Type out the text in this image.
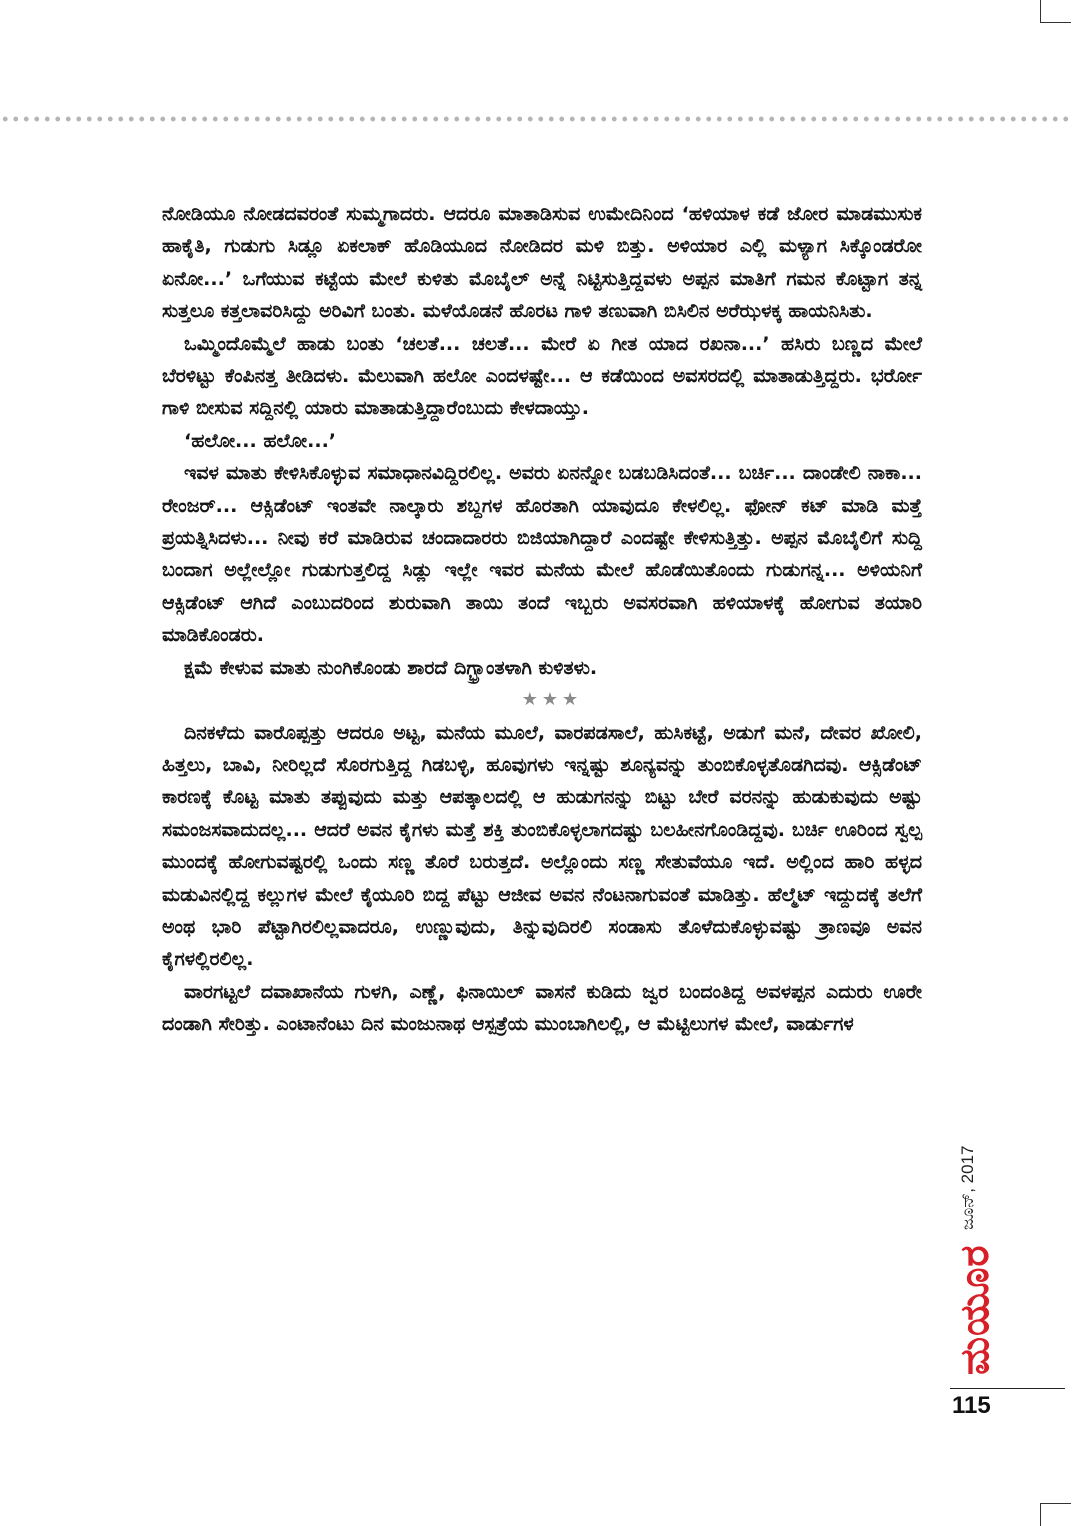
ನೋಡಿಯೂ ನೋಡದವರಂತೆ ಸುಮ್ಮಗಾದರು. ಆದರೂ ಮಾತಾಡಿಸುವ ಉಮೇದಿನಿಂದ ‘ಹಳಿಯಾಳ ಕಡೆ ಜೋರ ಮಾಡಮುಸುಕ ಹಾಕೈತಿ, ಗುಡುಗು ಸಿಡ್ಲೂ ಏಕಲಾಕ್ ಹೊಡಿಯೂದ ನೋಡಿದರ ಮಳಿ ಬಿತ್ತು. ಅಳಿಯಾರ ಎಲ್ಲಿ ಮಳ್ಯಾಗ ಸಿಕ್ಕೊಂಡರೋ ಏನೋ...’ ಒಗೆಯುವ ಕಟ್ಟೆಯ ಮೇಲೆ ಕುಳಿತು ಮೊಬೈಲ್ ಅನ್ನೆ ನಿಟ್ಟಿಸುತ್ತಿದ್ದವಳು ಅಪ್ಪನ ಮಾತಿಗೆ ಗಮನ ಕೊಟ್ಟಾಗ ತನ್ನ ಸುತ್ತಲೂ ಕತ್ತಲಾವರಿಸಿದ್ದು ಅರಿವಿಗೆ ಬಂತು. ಮಳೆಯೊಡನೆ ಹೊರಟ ಗಾಳಿ ತಣುವಾಗಿ ಬಿಸಿಲಿನ ಅರೆಝಳಕ್ಕ ಹಾಯನಿಸಿತು.

ಒಮ್ಮಿಂದೊಮ್ಮೆಲೆ ಹಾಡು ಬಂತು ‘ಚಲತೆ... ಚಲತೆ... ಮೇರೆ ಏ ಗೀತ ಯಾದ ರಖನಾ...’ ಹಸಿರು ಬಣ್ಣದ ಮೇಲೆ ಬೆರಳಿಟ್ಟು ಕೆಂಪಿನತ್ತ ತೀಡಿದಳು. ಮೆಲುವಾಗಿ ಹಲೋ ಎಂದಳಷ್ಟೇ... ಆ ಕಡೆಯಿಂದ ಅವಸರದಲ್ಲಿ ಮಾತಾಡುತ್ತಿದ್ದರು. ಭರ್ರೋ ಗಾಳಿ ಬೀಸುವ ಸದ್ದಿನಲ್ಲಿ ಯಾರು ಮಾತಾಡುತ್ತಿದ್ದಾರೆಂಬುದು ಕೇಳದಾಯ್ತು.

‘ಹಲೋ... ಹಲೋ...’

ಇವಳ ಮಾತು ಕೇಳಿಸಿಕೊಳ್ಳುವ ಸಮಾಧಾನವಿದ್ದಿರಲಿಲ್ಲ. ಅವರು ಏನನ್ನೋ ಬಡಬಡಿಸಿದಂತೆ... ಬರ್ಚಿ... ದಾಂಡೇಲಿ ನಾಕಾ... ರೇಂಜರ್... ಆಕ್ಸಿಡೆಂಟ್ ಇಂತವೇ ನಾಲ್ಕಾರು ಶಬ್ದಗಳ ಹೊರತಾಗಿ ಯಾವುದೂ ಕೇಳಲಿಲ್ಲ. ಫೋನ್ ಕಟ್ ಮಾಡಿ ಮತ್ತೆ ಪ್ರಯತ್ನಿಸಿದಳು... ನೀವು ಕರೆ ಮಾಡಿರುವ ಚಂದಾದಾರರು ಬಿಜಿಯಾಗಿದ್ದಾರೆ ಎಂದಷ್ಟೇ ಕೇಳಿಸುತ್ತಿತ್ತು. ಅಪ್ಪನ ಮೊಬೈಲಿಗೆ ಸುದ್ದಿ ಬಂದಾಗ ಅಲ್ಲೇಲ್ಲೋ ಗುಡುಗುತ್ತಲಿದ್ದ ಸಿಡ್ಲು ಇಲ್ಲೇ ಇವರ ಮನೆಯ ಮೇಲೆ ಹೊಡೆಯಿತೊಂದು ಗುಡುಗನ್ನ... ಅಳಿಯನಿಗೆ ಆಕ್ಸಿಡೆಂಟ್ ಆಗಿದೆ ಎಂಬುದರಿಂದ ಶುರುವಾಗಿ ತಾಯಿ ತಂದೆ ಇಬ್ಬರು ಅವಸರವಾಗಿ ಹಳಿಯಾಳಕ್ಕೆ ಹೋಗುವ ತಯಾರಿ ಮಾಡಿಕೊಂಡರು.

ಕ್ಷಮೆ ಕೇಳುವ ಮಾತು ನುಂಗಿಕೊಂಡು ಶಾರದೆ ದಿಗ್ಭ್ರಾಂತಳಾಗಿ ಕುಳಿತಳು.

★★★

ದಿನಕಳೆದು ವಾರೊಪ್ಪತ್ತು ಆದರೂ ಅಟ್ಟ, ಮನೆಯ ಮೂಲೆ, ವಾರಪಡಸಾಲೆ, ಹುಸಿಕಟ್ಟೆ, ಅಡುಗೆ ಮನೆ, ದೇವರ ಖೋಲಿ, ಹಿತ್ತಲು, ಬಾವಿ, ನೀರಿಲ್ಲದೆ ಸೊರಗುತ್ತಿದ್ದ ಗಿಡಬಳ್ಳಿ, ಹೂವುಗಳು ಇನ್ನಷ್ಟು ಶೂನ್ಯವನ್ನು ತುಂಬಿಕೊಳ್ಳತೊಡಗಿದವು. ಆಕ್ಸಿಡೆಂಟ್ ಕಾರಣಕ್ಕೆ ಕೊಟ್ಟ ಮಾತು ತಪ್ಪುವುದು ಮತ್ತು ಆಪತ್ಕಾಲದಲ್ಲಿ ಆ ಹುಡುಗನನ್ನು ಬಿಟ್ಟು ಬೇರೆ ವರನನ್ನು ಹುಡುಕುವುದು ಅಷ್ಟು ಸಮಂಜಸವಾದುದಲ್ಲ... ಆದರೆ ಅವನ ಕೈಗಳು ಮತ್ತೆ ಶಕ್ತಿ ತುಂಬಿಕೊಳ್ಳಲಾಗದಷ್ಟು ಬಲಹೀನಗೊಂಡಿದ್ದವು. ಬರ್ಚಿ ಊರಿಂದ ಸ್ವಲ್ಪ ಮುಂದಕ್ಕೆ ಹೋಗುವಷ್ಟರಲ್ಲಿ ಒಂದು ಸಣ್ಣ ತೊರೆ ಬರುತ್ತದೆ. ಅಲ್ಲೊಂದು ಸಣ್ಣ ಸೇತುವೆಯೂ ಇದೆ. ಅಲ್ಲಿಂದ ಹಾರಿ ಹಳ್ಳದ ಮಡುವಿನಲ್ಲಿದ್ದ ಕಲ್ಲುಗಳ ಮೇಲೆ ಕೈಯೂರಿ ಬಿದ್ದ ಪೆಟ್ಟು ಆಜೀವ ಅವನ ನೆಂಟನಾಗುವಂತೆ ಮಾಡಿತ್ತು. ಹೆಲ್ಮೆಟ್ ಇದ್ದುದಕ್ಕೆ ತಲೆಗೆ ಅಂಥ ಭಾರಿ ಪೆಟ್ಟಾಗಿರಲಿಲ್ಲವಾದರೂ, ಉಣ್ಣುವುದು, ತಿನ್ನುವುದಿರಲಿ ಸಂಡಾಸು ತೊಳೆದುಕೊಳ್ಳುವಷ್ಟು ತ್ರಾಣವೂ ಅವನ ಕೈಗಳಲ್ಲಿರಲಿಲ್ಲ.

ವಾರಗಟ್ಟಲೆ ದವಾಖಾನೆಯ ಗುಳಗಿ, ಎಣ್ಣೆ, ಫಿನಾಯಿಲ್ ವಾಸನೆ ಕುಡಿದು ಜ್ವರ ಬಂದಂತಿದ್ದ ಅವಳಪ್ಪನ ಎದುರು ಊರೇ ದಂಡಾಗಿ ಸೇರಿತ್ತು. ಎಂಟಾನೆಂಟು ದಿನ ಮಂಜುನಾಥ ಆಸ್ಪತ್ರೆಯ ಮುಂಬಾಗಿಲಲ್ಲಿ, ಆ ಮೆಟ್ಟಿಲುಗಳ ಮೇಲೆ, ವಾರ್ಡುಗಳ

ಜೂನ್, 2017
ಮಯೂರ
115
